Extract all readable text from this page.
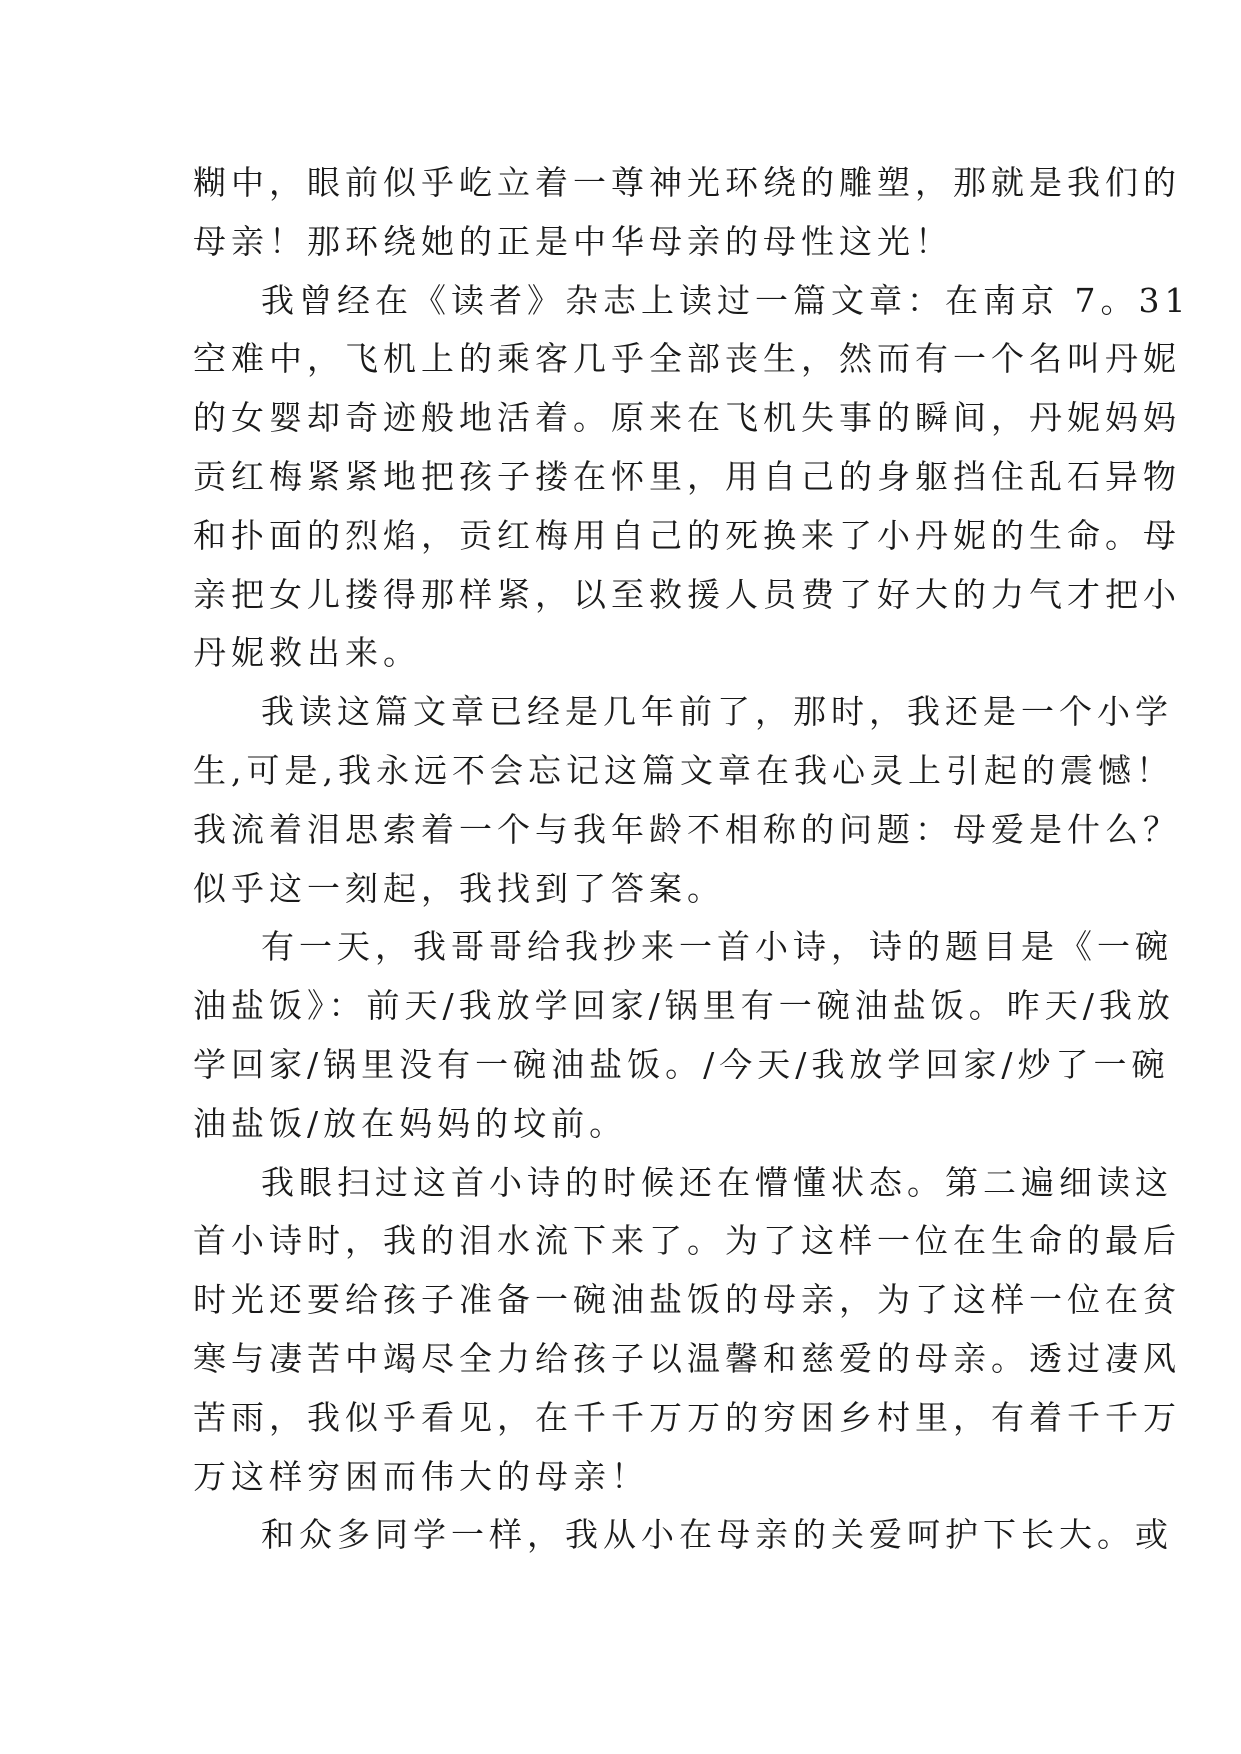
糊中，眼前似乎屹立着一尊神光环绕的雕塑，那就是我们的
母亲！那环绕她的正是中华母亲的母性这光！
我曾经在《读者》杂志上读过一篇文章：在南京 7。31
空难中，飞机上的乘客几乎全部丧生，然而有一个名叫丹妮
的女婴却奇迹般地活着。原来在飞机失事的瞬间，丹妮妈妈
贡红梅紧紧地把孩子搂在怀里，用自己的身躯挡住乱石异物
和扑面的烈焰，贡红梅用自己的死换来了小丹妮的生命。母
亲把女儿搂得那样紧，以至救援人员费了好大的力气才把小
丹妮救出来。
我读这篇文章已经是几年前了，那时，我还是一个小学
生,可是,我永远不会忘记这篇文章在我心灵上引起的震憾！
我流着泪思索着一个与我年龄不相称的问题：母爱是什么？
似乎这一刻起，我找到了答案。
有一天，我哥哥给我抄来一首小诗，诗的题目是《一碗
油盐饭》：前天/我放学回家/锅里有一碗油盐饭。昨天/我放
学回家/锅里没有一碗油盐饭。/今天/我放学回家/炒了一碗
油盐饭/放在妈妈的坟前。
我眼扫过这首小诗的时候还在懵懂状态。第二遍细读这
首小诗时，我的泪水流下来了。为了这样一位在生命的最后
时光还要给孩子准备一碗油盐饭的母亲，为了这样一位在贫
寒与凄苦中竭尽全力给孩子以温馨和慈爱的母亲。透过凄风
苦雨，我似乎看见，在千千万万的穷困乡村里，有着千千万
万这样穷困而伟大的母亲！
和众多同学一样，我从小在母亲的关爱呵护下长大。或
